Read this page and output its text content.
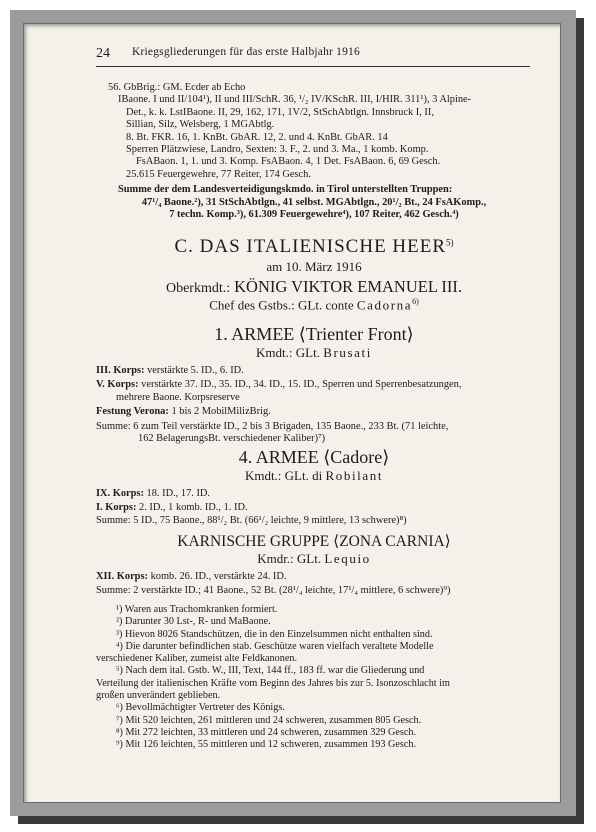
24 Kriegsgliederungen für das erste Halbjahr 1916
56. GbBrig.: GM. Ecder ab Echo
IBaone. I und II/104¹), II und III/SchR. 36, ¹/₂ IV/KSchR. III, I/HIR. 311¹), 3 Alpine-
Det., k. k. LstIBaone. II, 29, 162, 171, 1V/2, StSchAbtlgn. Innsbruck I, II,
Sillian, Silz, Welsberg, 1 MGAbtlg.
8. Bt. FKR. 16, 1. KnBt. GbAR. 12, 2. und 4. KnBt. GbAR. 14
Sperren Plätzwiese, Landro, Sexten: 3. F., 2. und 3. Ma., 1 komb. Komp.
FsABaon. 1, 1. und 3. Komp. FsABaon. 4, 1 Det. FsABaon. 6, 69 Gesch.
25.615 Feuergewehre, 77 Reiter, 174 Gesch.
Summe der dem Landesverteidigungskmdo. in Tirol unterstellten Truppen:
47¹/₄ Baone.²), 31 StSchAbtlgn., 41 selbst. MGAbtlgn., 20¹/₂ Bt., 24 FsAKomp.,
7 techn. Komp.³), 61.309 Feuergewehre⁴), 107 Reiter, 462 Gesch.⁴)
C. DAS ITALIENISCHE HEER$^{5)}$
am 10. März 1916
Oberkmdt.: KÖNIG VIKTOR EMANUEL III.
Chef des Gstbs.: GLt. conte Cadorna$^{6)}$
1. ARMEE ⟨Trienter Front⟩
Kmdt.: GLt. Brusati
III. Korps: verstärkte 5. ID., 6. ID.
V. Korps: verstärkte 37. ID., 35. ID., 34. ID., 15. ID., Sperren und Sperrenbesatzungen,
mehrere Baone. Korpsreserve
Festung Verona: 1 bis 2 MobilMilizBrig.
Summe: 6 zum Teil verstärkte ID., 2 bis 3 Brigaden, 135 Baone., 233 Bt. (71 leichte,
162 BelagerungsBt. verschiedener Kaliber)⁷)
4. ARMEE ⟨Cadore⟩
Kmdt.: GLt. di Robilant
IX. Korps: 18. ID., 17. ID.
I. Korps: 2. ID., 1 komb. ID., 1. ID.
Summe: 5 ID., 75 Baone., 88¹/₂ Bt. (66¹/₂ leichte, 9 mittlere, 13 schwere)⁸)
KARNISCHE GRUPPE ⟨ZONA CARNIA⟩
Kmdr.: GLt. Lequio
XII. Korps: komb. 26. ID., verstärkte 24. ID.
Summe: 2 verstärkte ID.; 41 Baone., 52 Bt. (28¹/₄ leichte, 17¹/₄ mittlere, 6 schwere)⁹)
¹) Waren aus Trachomkranken formiert.
²) Darunter 30 Lst-, R- und MaBaone.
³) Hievon 8026 Standschützen, die in den Einzelsummen nicht enthalten sind.
⁴) Die darunter befindlichen stab. Geschütze waren vielfach veraltete Modelle
verschiedener Kaliber, zumeist alte Feldkanonen.
⁵) Nach dem ital. Gstb. W., III, Text, 144 ff., 183 ff. war die Gliederung und
Verteilung der italienischen Kräfte vom Beginn des Jahres bis zur 5. Isonzoschlacht im
großen unverändert geblieben.
⁶) Bevollmächtigter Vertreter des Königs.
⁷) Mit 520 leichten, 261 mittleren und 24 schweren, zusammen 805 Gesch.
⁸) Mit 272 leichten, 33 mittleren und 24 schweren, zusammen 329 Gesch.
⁹) Mit 126 leichten, 55 mittleren und 12 schweren, zusammen 193 Gesch.
